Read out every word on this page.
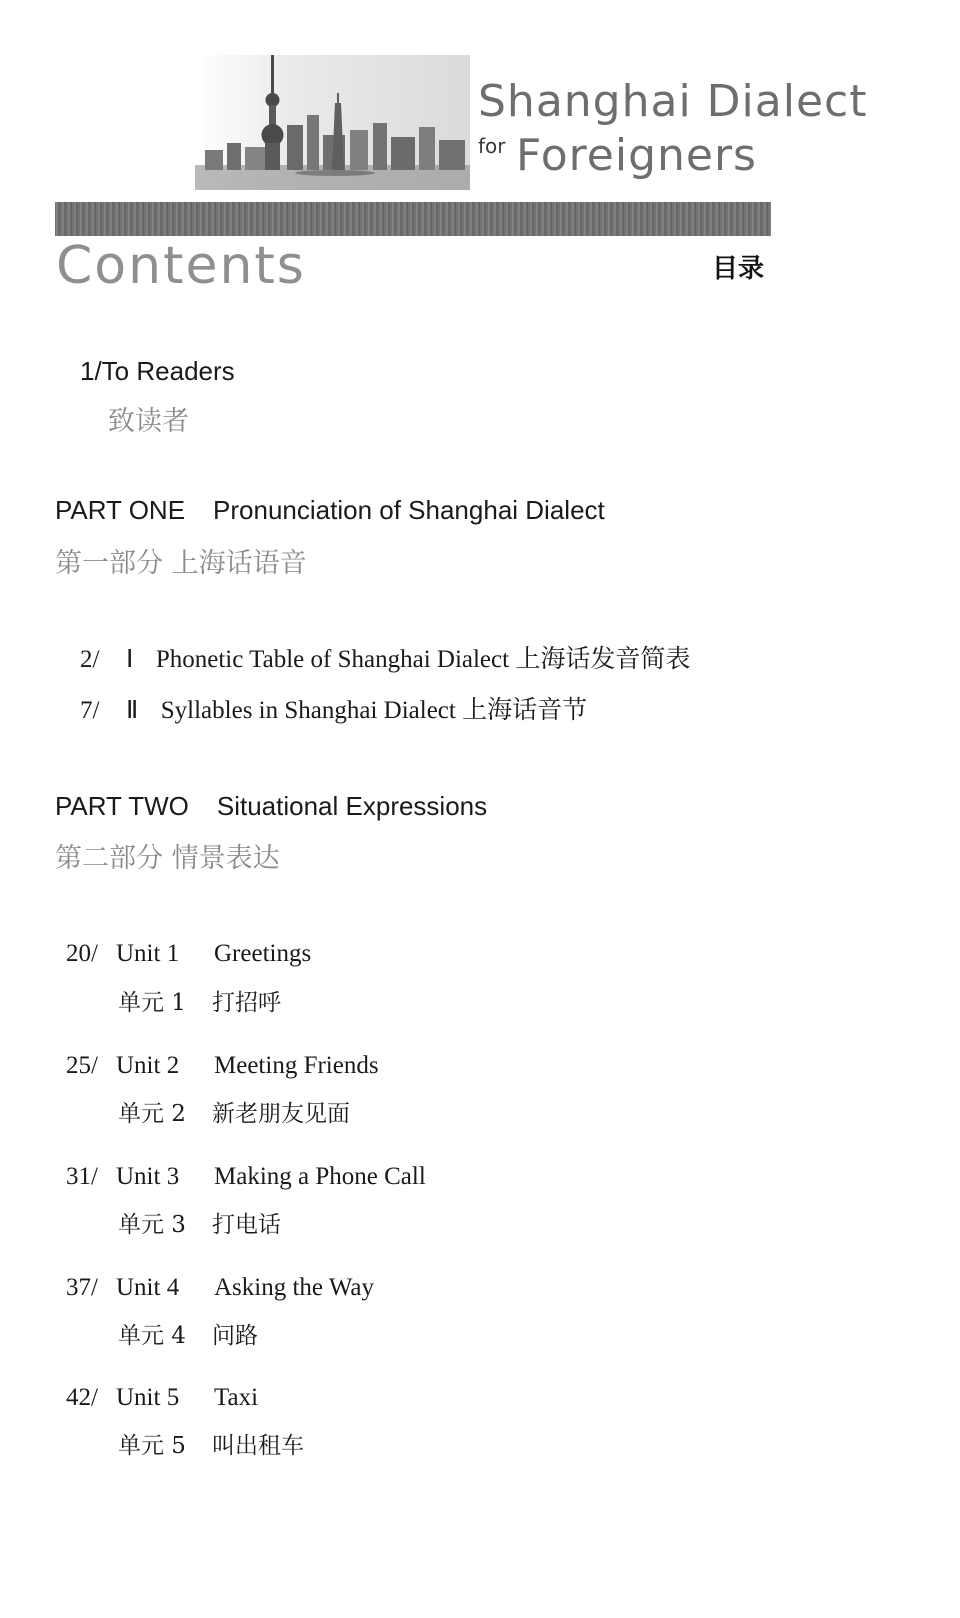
Shanghai Dialect
for Foreigners
Contents	目录
1/To Readers
致读者
PART ONE Pronunciation of Shanghai Dialect
第一部分 上海话语音
2/ Ⅰ Phonetic Table of Shanghai Dialect 上海话发音简表
7/ Ⅱ Syllables in Shanghai Dialect 上海话音节
PART TWO Situational Expressions
第二部分 情景表达
20/ Unit 1 Greetings
单元 1 打招呼
25/ Unit 2 Meeting Friends
单元 2 新老朋友见面
31/ Unit 3 Making a Phone Call
单元 3 打电话
37/ Unit 4 Asking the Way
单元 4 问路
42/ Unit 5 Taxi
单元 5 叫出租车
